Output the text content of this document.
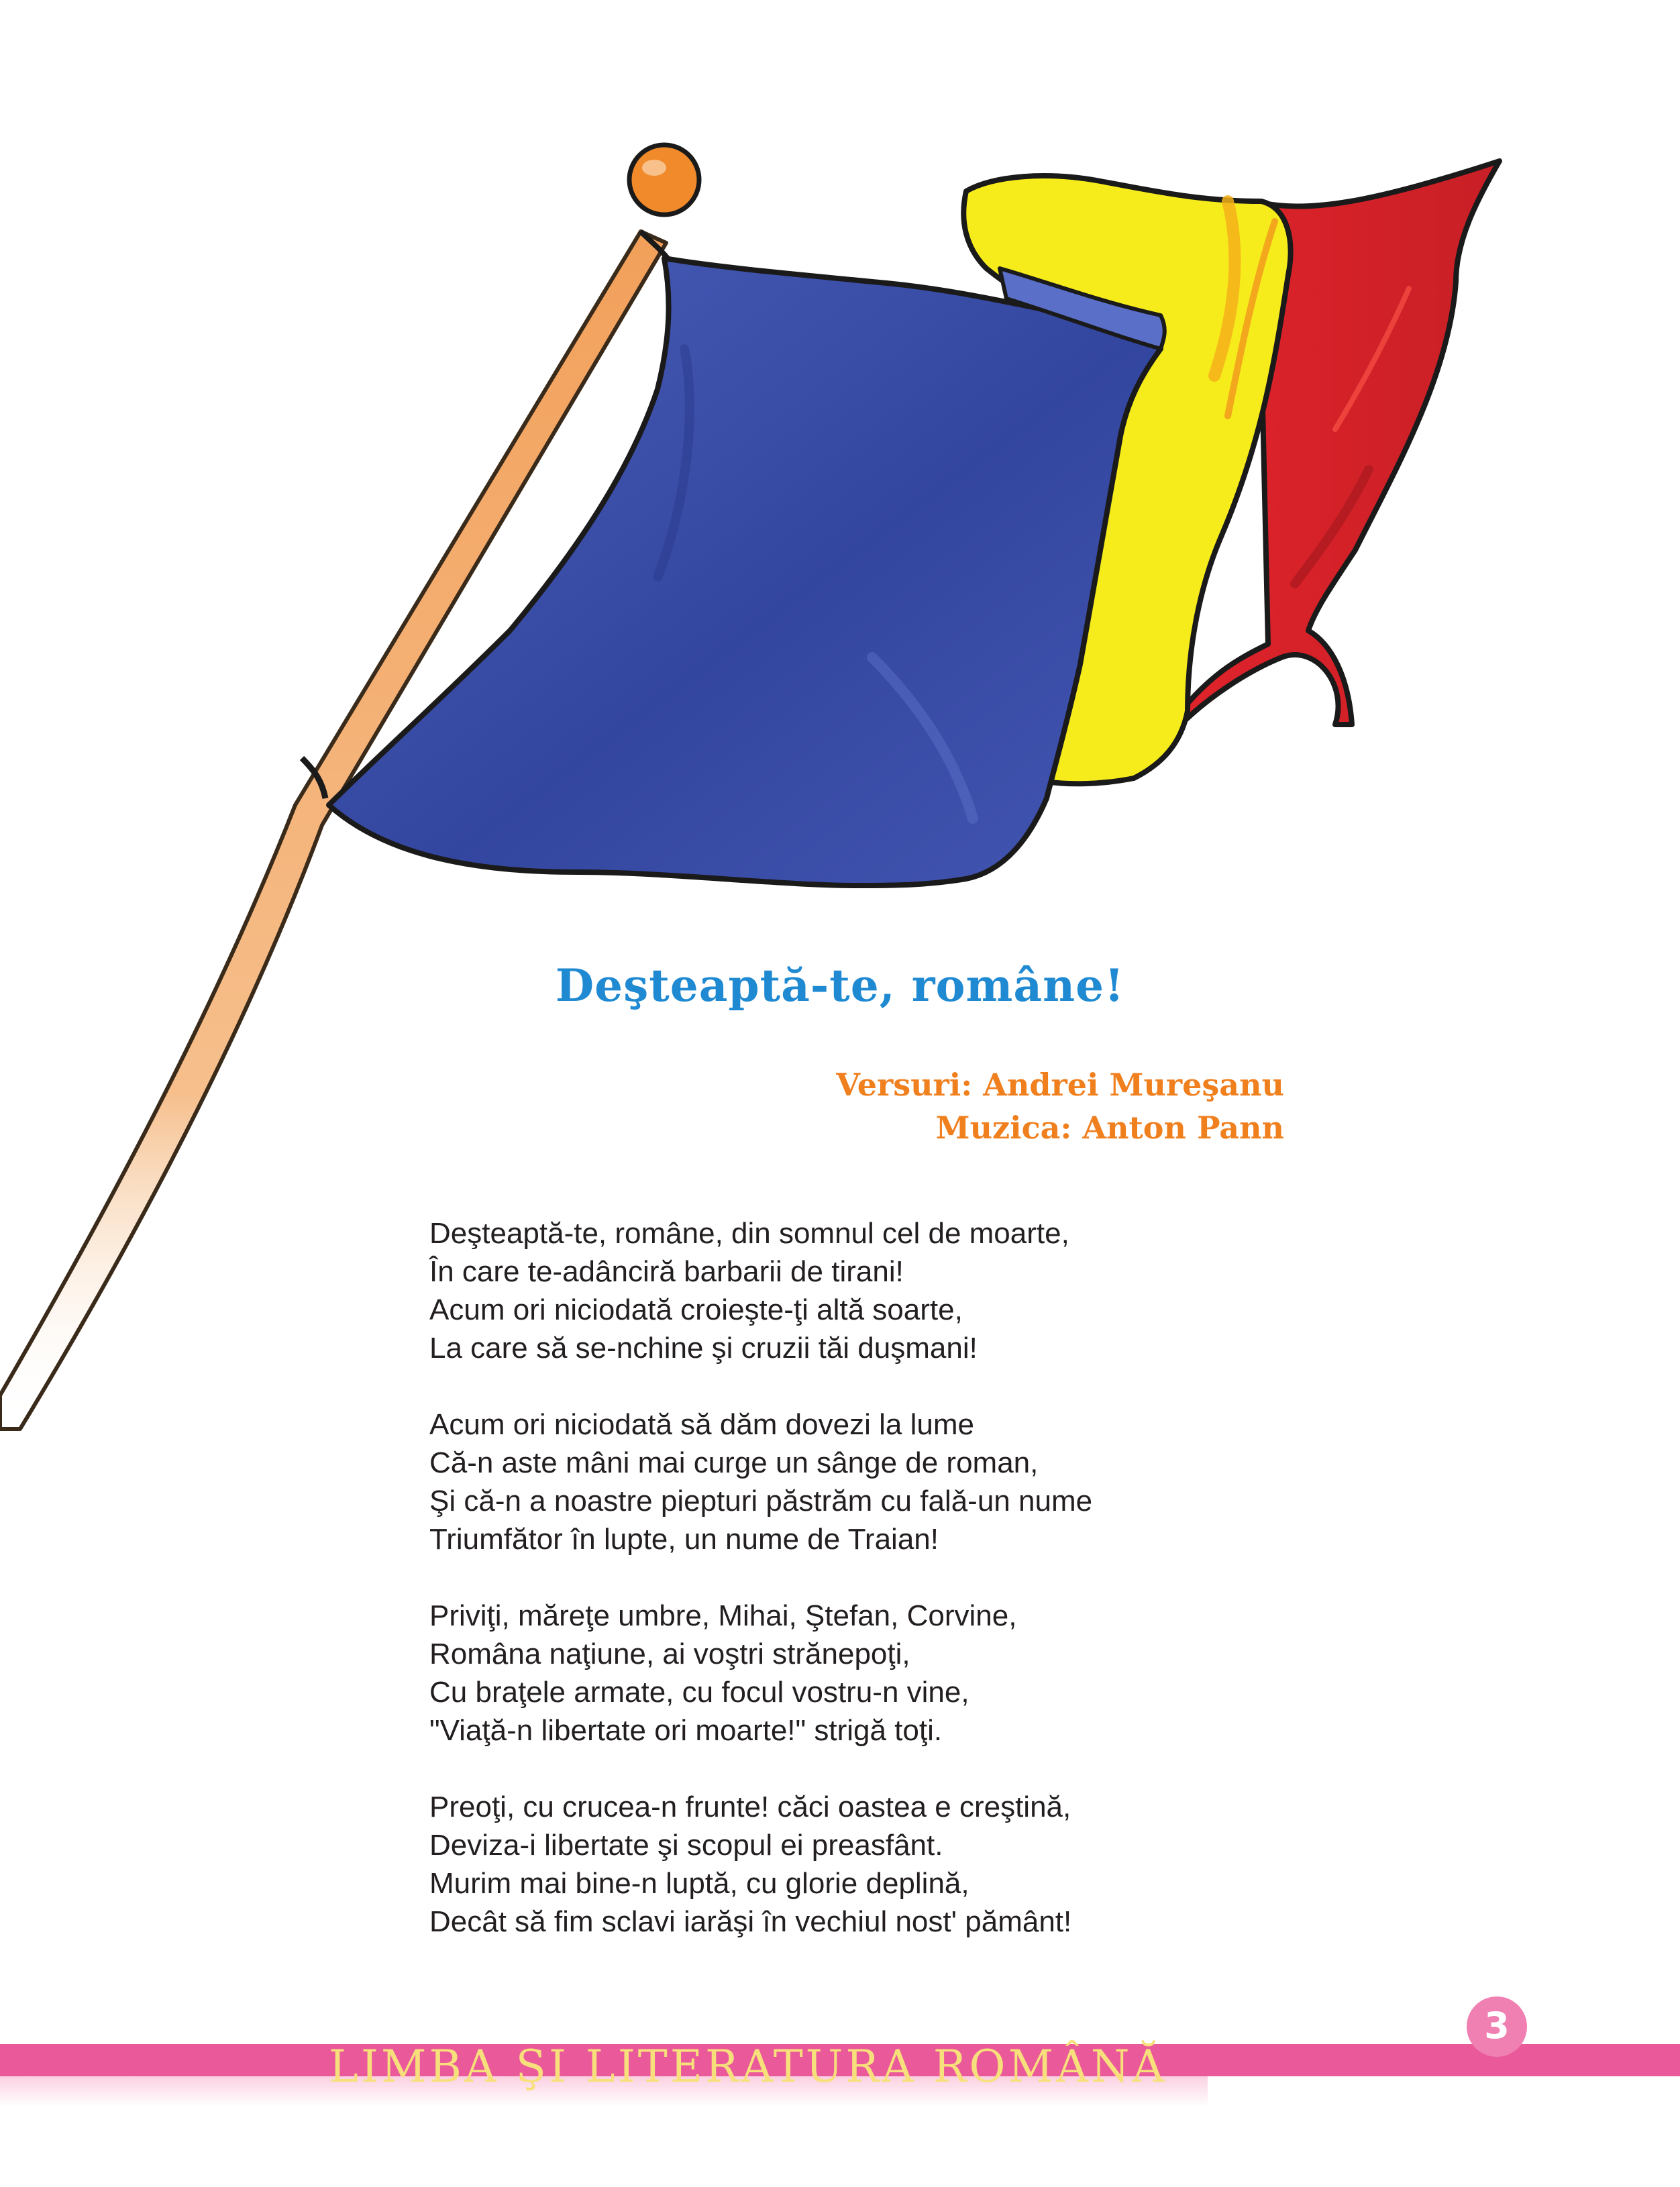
Deşteaptă-te, române!
Versuri: Andrei Mureşanu
Muzica: Anton Pann
Deşteaptă-te, române, din somnul cel de moarte,
În care te-adânciră barbarii de tirani!
Acum ori niciodată croieşte-ţi altă soarte,
La care să se-nchine şi cruzii tăi duşmani!
Acum ori niciodată să dăm dovezi la lume
Că-n aste mâni mai curge un sânge de roman,
Şi că-n a noastre piepturi păstrăm cu falǎ-un nume
Triumfător în lupte, un nume de Traian!
Priviţi, măreţe umbre, Mihai, Ştefan, Corvine,
Româna naţiune, ai voştri strănepoţi,
Cu braţele armate, cu focul vostru-n vine,
"Viaţă-n libertate ori moarte!" strigă toţi.
Preoţi, cu crucea-n frunte! căci oastea e creştină,
Deviza-i libertate şi scopul ei preasfânt.
Murim mai bine-n luptă, cu glorie deplină,
Decât să fim sclavi iarăşi în vechiul nost' pământ!
LIMBA ŞI LITERATURA ROMÂNĂ
3
